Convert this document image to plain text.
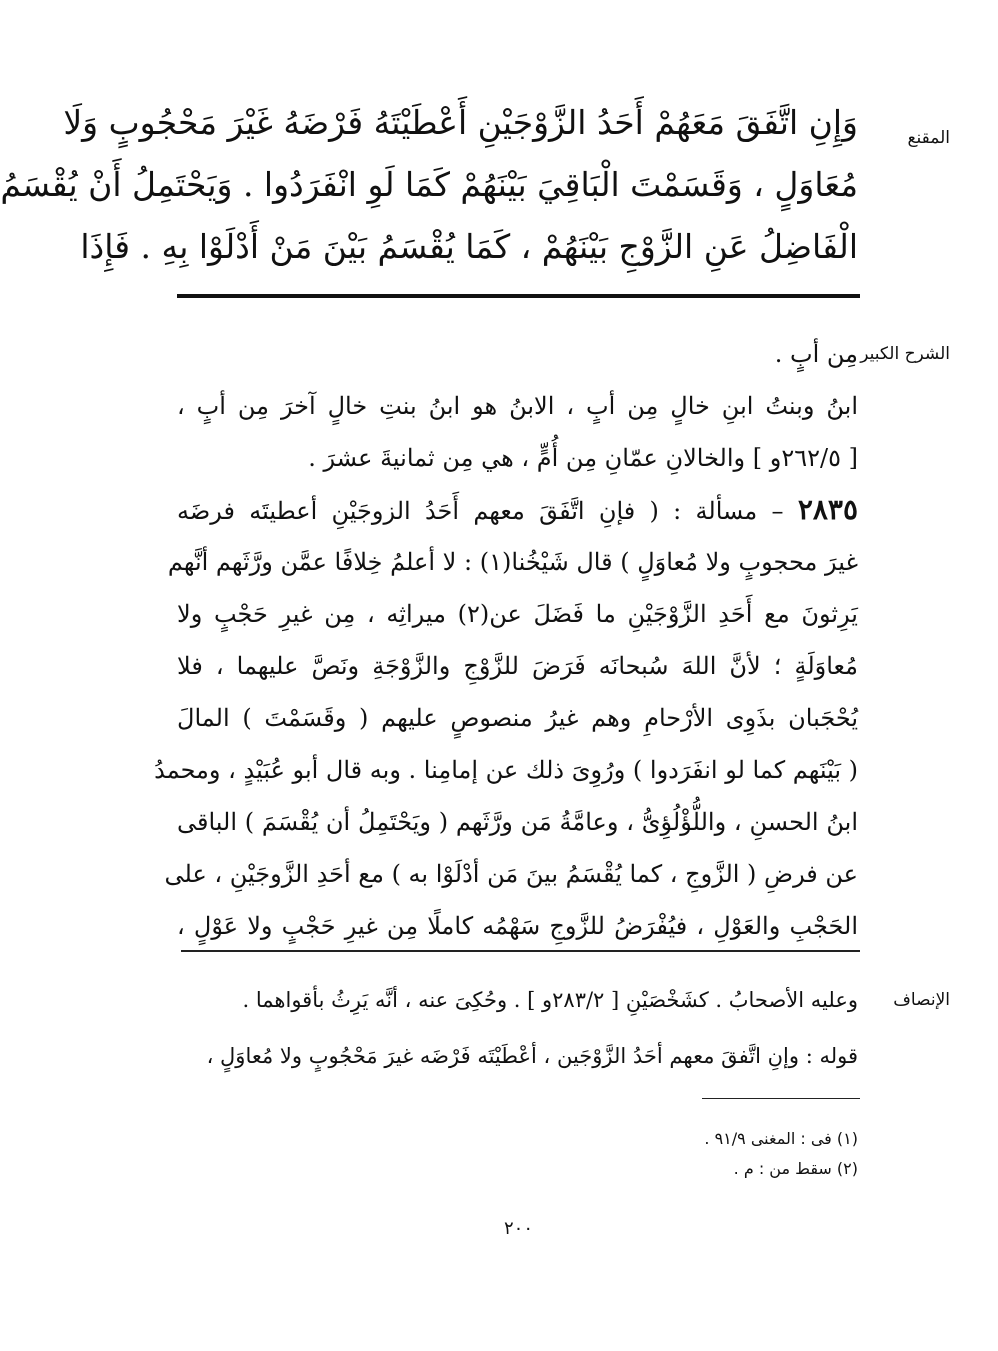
المقنع
وَإِنِ اتَّفَقَ مَعَهُمْ أَحَدُ الزَّوْجَيْنِ أَعْطَيْتَهُ فَرْضَهُ غَيْرَ مَحْجُوبٍ وَلَا
مُعَاوَلٍ ، وَقَسَمْتَ الْبَاقِيَ بَيْنَهُمْ كَمَا لَوِ انْفَرَدُوا . وَيَحْتَمِلُ أَنْ يُقْسَمُ
الْفَاضِلُ عَنِ الزَّوْجِ بَيْنَهُمْ ، كَمَا يُقْسَمُ بَيْنَ مَنْ أَدْلَوْا بِهِ . فَإِذَا
الشرح الكبير
مِن أبٍ .
ابنُ وبنتُ ابنِ خالٍ مِن أبٍ ، الابنُ هو ابنُ بنتِ خالٍ آخرَ مِن أبٍ ،
[ ٢٦٢/٥و ] والخالانِ عمّانِ مِن أُمٍّ ، هي مِن ثمانيةَ عشرَ .
٢٨٣٥ – مسألة : ( فإنِ اتَّفَقَ معهم أَحَدُ الزوجَيْنِ أعطيتَه فرضَه
غيرَ محجوبٍ ولا مُعاوَلٍ ) قال شَيْخُنا(١) : لا أعلمُ خِلافًا عمَّن ورَّثَهم أنَّهم
يَرِثونَ مع أَحَدِ الزَّوْجَيْنِ ما فَضَلَ عن(٢) ميراثِه ، مِن غيرِ حَجْبٍ ولا
مُعاوَلَةٍ ؛ لأنَّ اللهَ سُبحانَه فَرَضَ للزَّوْجِ والزَّوْجَةِ ونَصَّ عليهما ، فلا
يُحْجَبان بذَوِى الأرْحامِ وهم غيرُ منصوصٍ عليهم ( وقَسَمْتَ ) المالَ
( بَيْنَهم كما لو انفَرَدوا ) ورُوِىَ ذلك عن إمامِنا . وبه قال أبو عُبَيْدٍ ، ومحمدُ
ابنُ الحسنِ ، واللُّؤْلُؤِىُّ ، وعامَّةُ مَن ورَّثَهم ( ويَحْتَمِلُ أن يُقْسَمَ ) الباقى
عن فرضِ ( الزَّوجِ ، كما يُقْسَمُ بينَ مَن أدْلَوْا به ) مع أحَدِ الزَّوجَيْنِ ، على
الحَجْبِ والعَوْلِ ، فيُفْرَضُ للزَّوجِ سَهْمُه كاملًا مِن غيرِ حَجْبٍ ولا عَوْلٍ ،
الإنصاف
وعليه الأصحابُ . كشَخْصَيْنِ [ ٢٨٣/٢و ] . وحُكِىَ عنه ، أنَّه يَرِثُ بأقواهما .
قوله : وإنِ اتَّفقَ معهم أحَدُ الزَّوْجَين ، أعْطَيْتَه فَرْضَه غيرَ مَحْجُوبٍ ولا مُعاوَلٍ ،
(١) فى : المغنى ٩١/٩ .
(٢) سقط من : م .
٢٠٠
